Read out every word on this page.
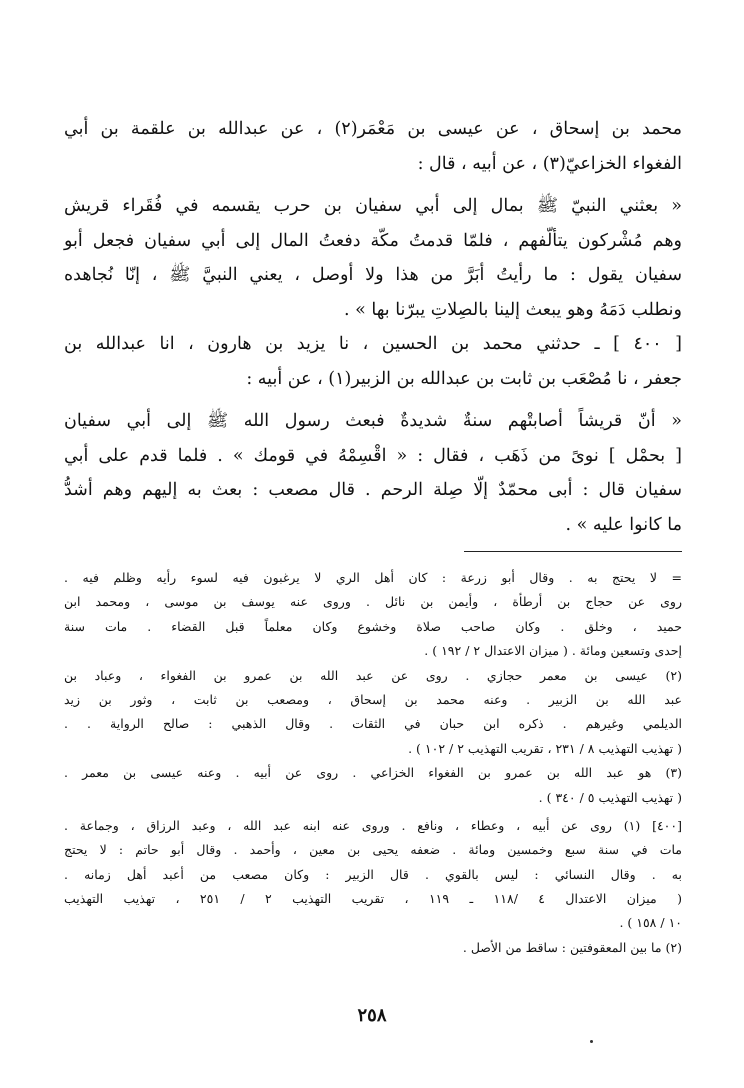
محمد بن إسحاق ، عن عيسى بن مَعْمَر(٢) ، عن عبدالله بن علقمة بن أبي
الفغواء الخزاعيّ(٣) ، عن أبيه ، قال :
« بعثني النبيّ ﷺ بمال إلى أبي سفيان بن حرب يقسمه في فُقَراء قريش
وهم مُشْركون يتألّفهم ، فلمّا قدمتُ مكّة دفعتُ المال إلى أبي سفيان فجعل أبو
سفيان يقول : ما رأيتُ أبَرَّ من هذا ولا أوصل ، يعني النبيَّ ﷺ ، إنّا نُجاهده
ونطلب دَمَهُ وهو يبعث إلينا بالصِلاتِ يبرّنا بها » .
[ ٤٠٠ ] ـ حدثني محمد بن الحسين ، نا يزيد بن هارون ، انا عبدالله بن
جعفر ، نا مُصْعَب بن ثابت بن عبدالله بن الزبير(١) ، عن أبيه :
« أنّ قريشاً أصابتْهم سنةٌ شديدةٌ فبعث رسول الله ﷺ إلى أبي سفيان
[ بحمْل ] نوىً من ذَهَب ، فقال : « اقْسِمْهُ في قومك » . فلما قدم على أبي
سفيان قال : أبى محمّدٌ إلّا صِلة الرحم . قال مصعب : بعث به إليهم وهم أشدُّ
ما كانوا عليه » .
= لا يحتج به . وقال أبو زرعة : كان أهل الري لا يرغبون فيه لسوء رأيه وظلم فيه .
روى عن حجاج بن أرطأة ، وأيمن بن نائل . وروى عنه يوسف بن موسى ، ومحمد ابن
حميد ، وخلق . وكان صاحب صلاة وخشوع وكان معلماً قبل القضاء . مات سنة
إحدى وتسعين ومائة . ( ميزان الاعتدال ٢ / ١٩٢ ) .
(٢) عيسى بن معمر حجازي . روى عن عبد الله بن عمرو بن الفغواء ، وعباد بن
عبد الله بن الزبير . وعنه محمد بن إسحاق ، ومصعب بن ثابت ، وثور بن زيد
الديلمي وغيرهم . ذكره ابن حبان في الثقات . وقال الذهبي : صالح الرواية . .
( تهذيب التهذيب ٨ / ٢٣١ ، تقريب التهذيب ٢ / ١٠٢ ) .
(٣) هو عبد الله بن عمرو بن الفغواء الخزاعي . روى عن أبيه . وعنه عيسى بن معمر .
( تهذيب التهذيب ٥ / ٣٤٠ ) .
[٤٠٠] (١) روى عن أبيه ، وعطاء ، ونافع . وروى عنه ابنه عبد الله ، وعبد الرزاق ، وجماعة .
مات في سنة سبع وخمسين ومائة . ضعفه يحيى بن معين ، وأحمد . وقال أبو حاتم : لا يحتج
به . وقال النسائي : ليس بالقوي . قال الزبير : وكان مصعب من أعبد أهل زمانه .
( ميزان الاعتدال ٤ /١١٨ ـ ١١٩ ، تقريب التهذيب ٢ / ٢٥١ ، تهذيب التهذيب
١٠ / ١٥٨ ) .
(٢) ما بين المعقوفتين : ساقط من الأصل .
٢٥٨
